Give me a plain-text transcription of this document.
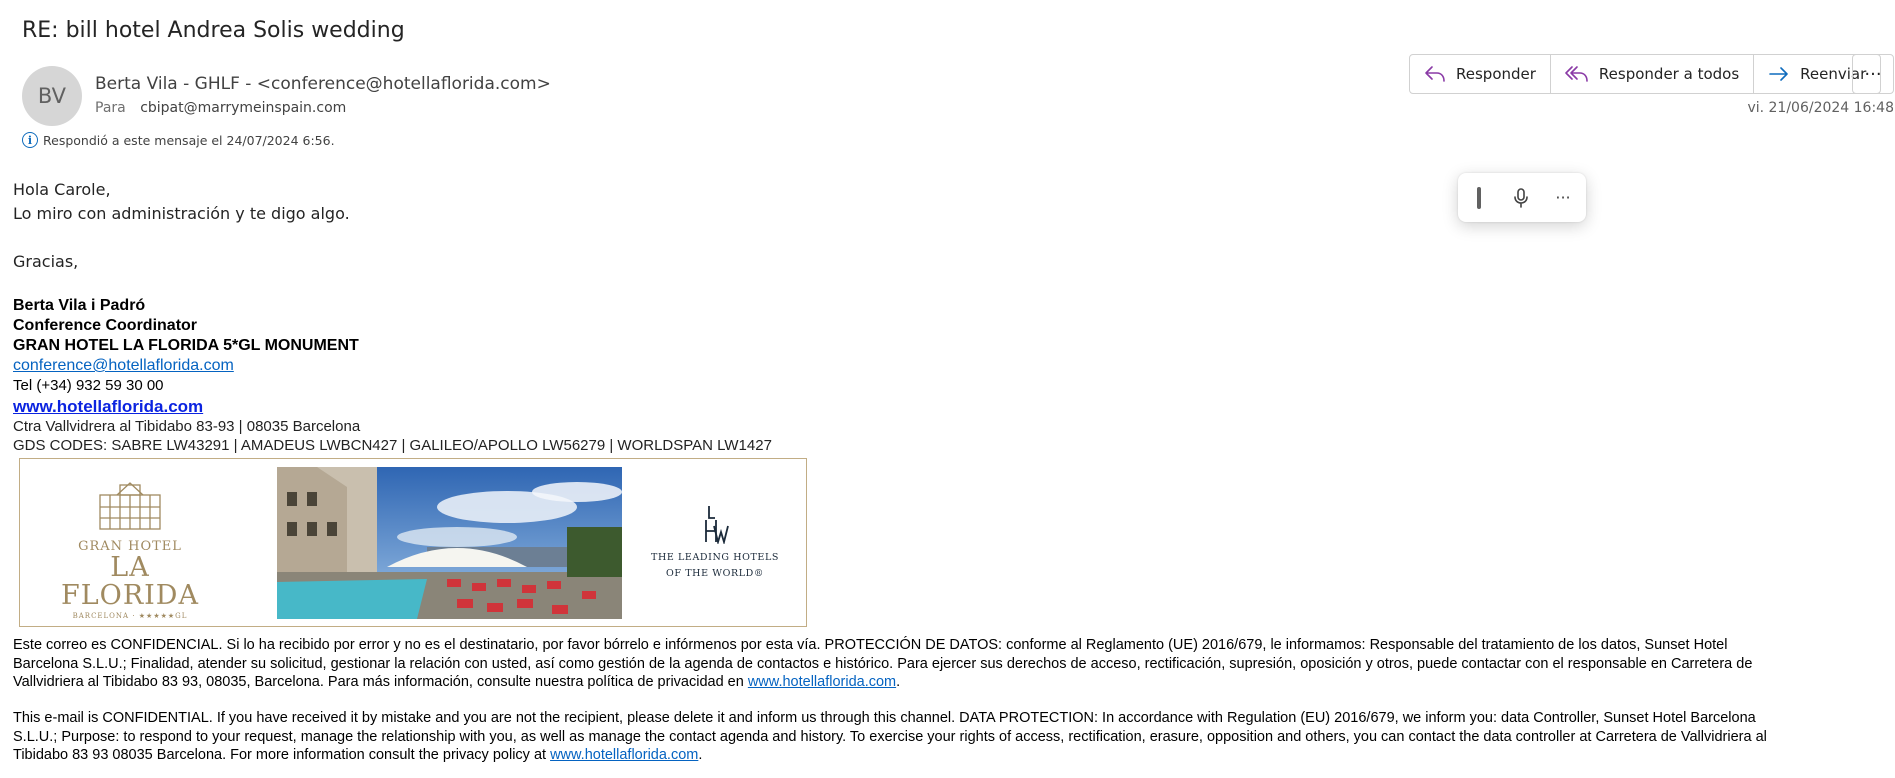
RE: bill hotel Andrea Solis wedding
BV	Berta Vila - GHLF - <conference@hotellaflorida.com>
Para cbipat@marrymeinspain.com
Responder	Responder a todos	Reenviar
···
vi. 21/06/2024 16:48
i Respondió a este mensaje el 24/07/2024 6:56.
···

Hola Carole,

Lo miro con administración y te digo algo.

Gracias,

Berta Vila i Padró
Conference Coordinator
GRAN HOTEL LA FLORIDA 5*GL MONUMENT
conference@hotellaflorida.com
Tel (+34) 932 59 30 00
www.hotellaflorida.com
Ctra Vallvidrera al Tibidabo 83-93 | 08035 Barcelona
GDS CODES: SABRE LW43291 | AMADEUS LWBCN427 | GALILEO/APOLLO LW56279 | WORLDSPAN LW1427
GRAN HOTEL
LA FLORIDA
BARCELONA · ★★★★★GL
THE LEADING HOTELS
OF THE WORLD®
Este correo es CONFIDENCIAL. Si lo ha recibido por error y no es el destinatario, por favor bórrelo e infórmenos por esta vía. PROTECCIÓN DE DATOS: conforme al Reglamento (UE) 2016/679, le informamos: Responsable del tratamiento de los datos, Sunset Hotel Barcelona S.L.U.; Finalidad, atender su solicitud, gestionar la relación con usted, así como gestión de la agenda de contactos e histórico. Para ejercer sus derechos de acceso, rectificación, supresión, oposición y otros, puede contactar con el responsable en Carretera de Vallvidriera al Tibidabo 83 93, 08035, Barcelona. Para más información, consulte nuestra política de privacidad en www.hotellaflorida.com.
This e-mail is CONFIDENTIAL. If you have received it by mistake and you are not the recipient, please delete it and inform us through this channel. DATA PROTECTION: In accordance with Regulation (EU) 2016/679, we inform you: data Controller, Sunset Hotel Barcelona S.L.U.; Purpose: to respond to your request, manage the relationship with you, as well as manage the contact agenda and history. To exercise your rights of access, rectification, erasure, opposition and others, you can contact the data controller at Carretera de Vallvidriera al Tibidabo 83 93 08035 Barcelona. For more information consult the privacy policy at www.hotellaflorida.com.
